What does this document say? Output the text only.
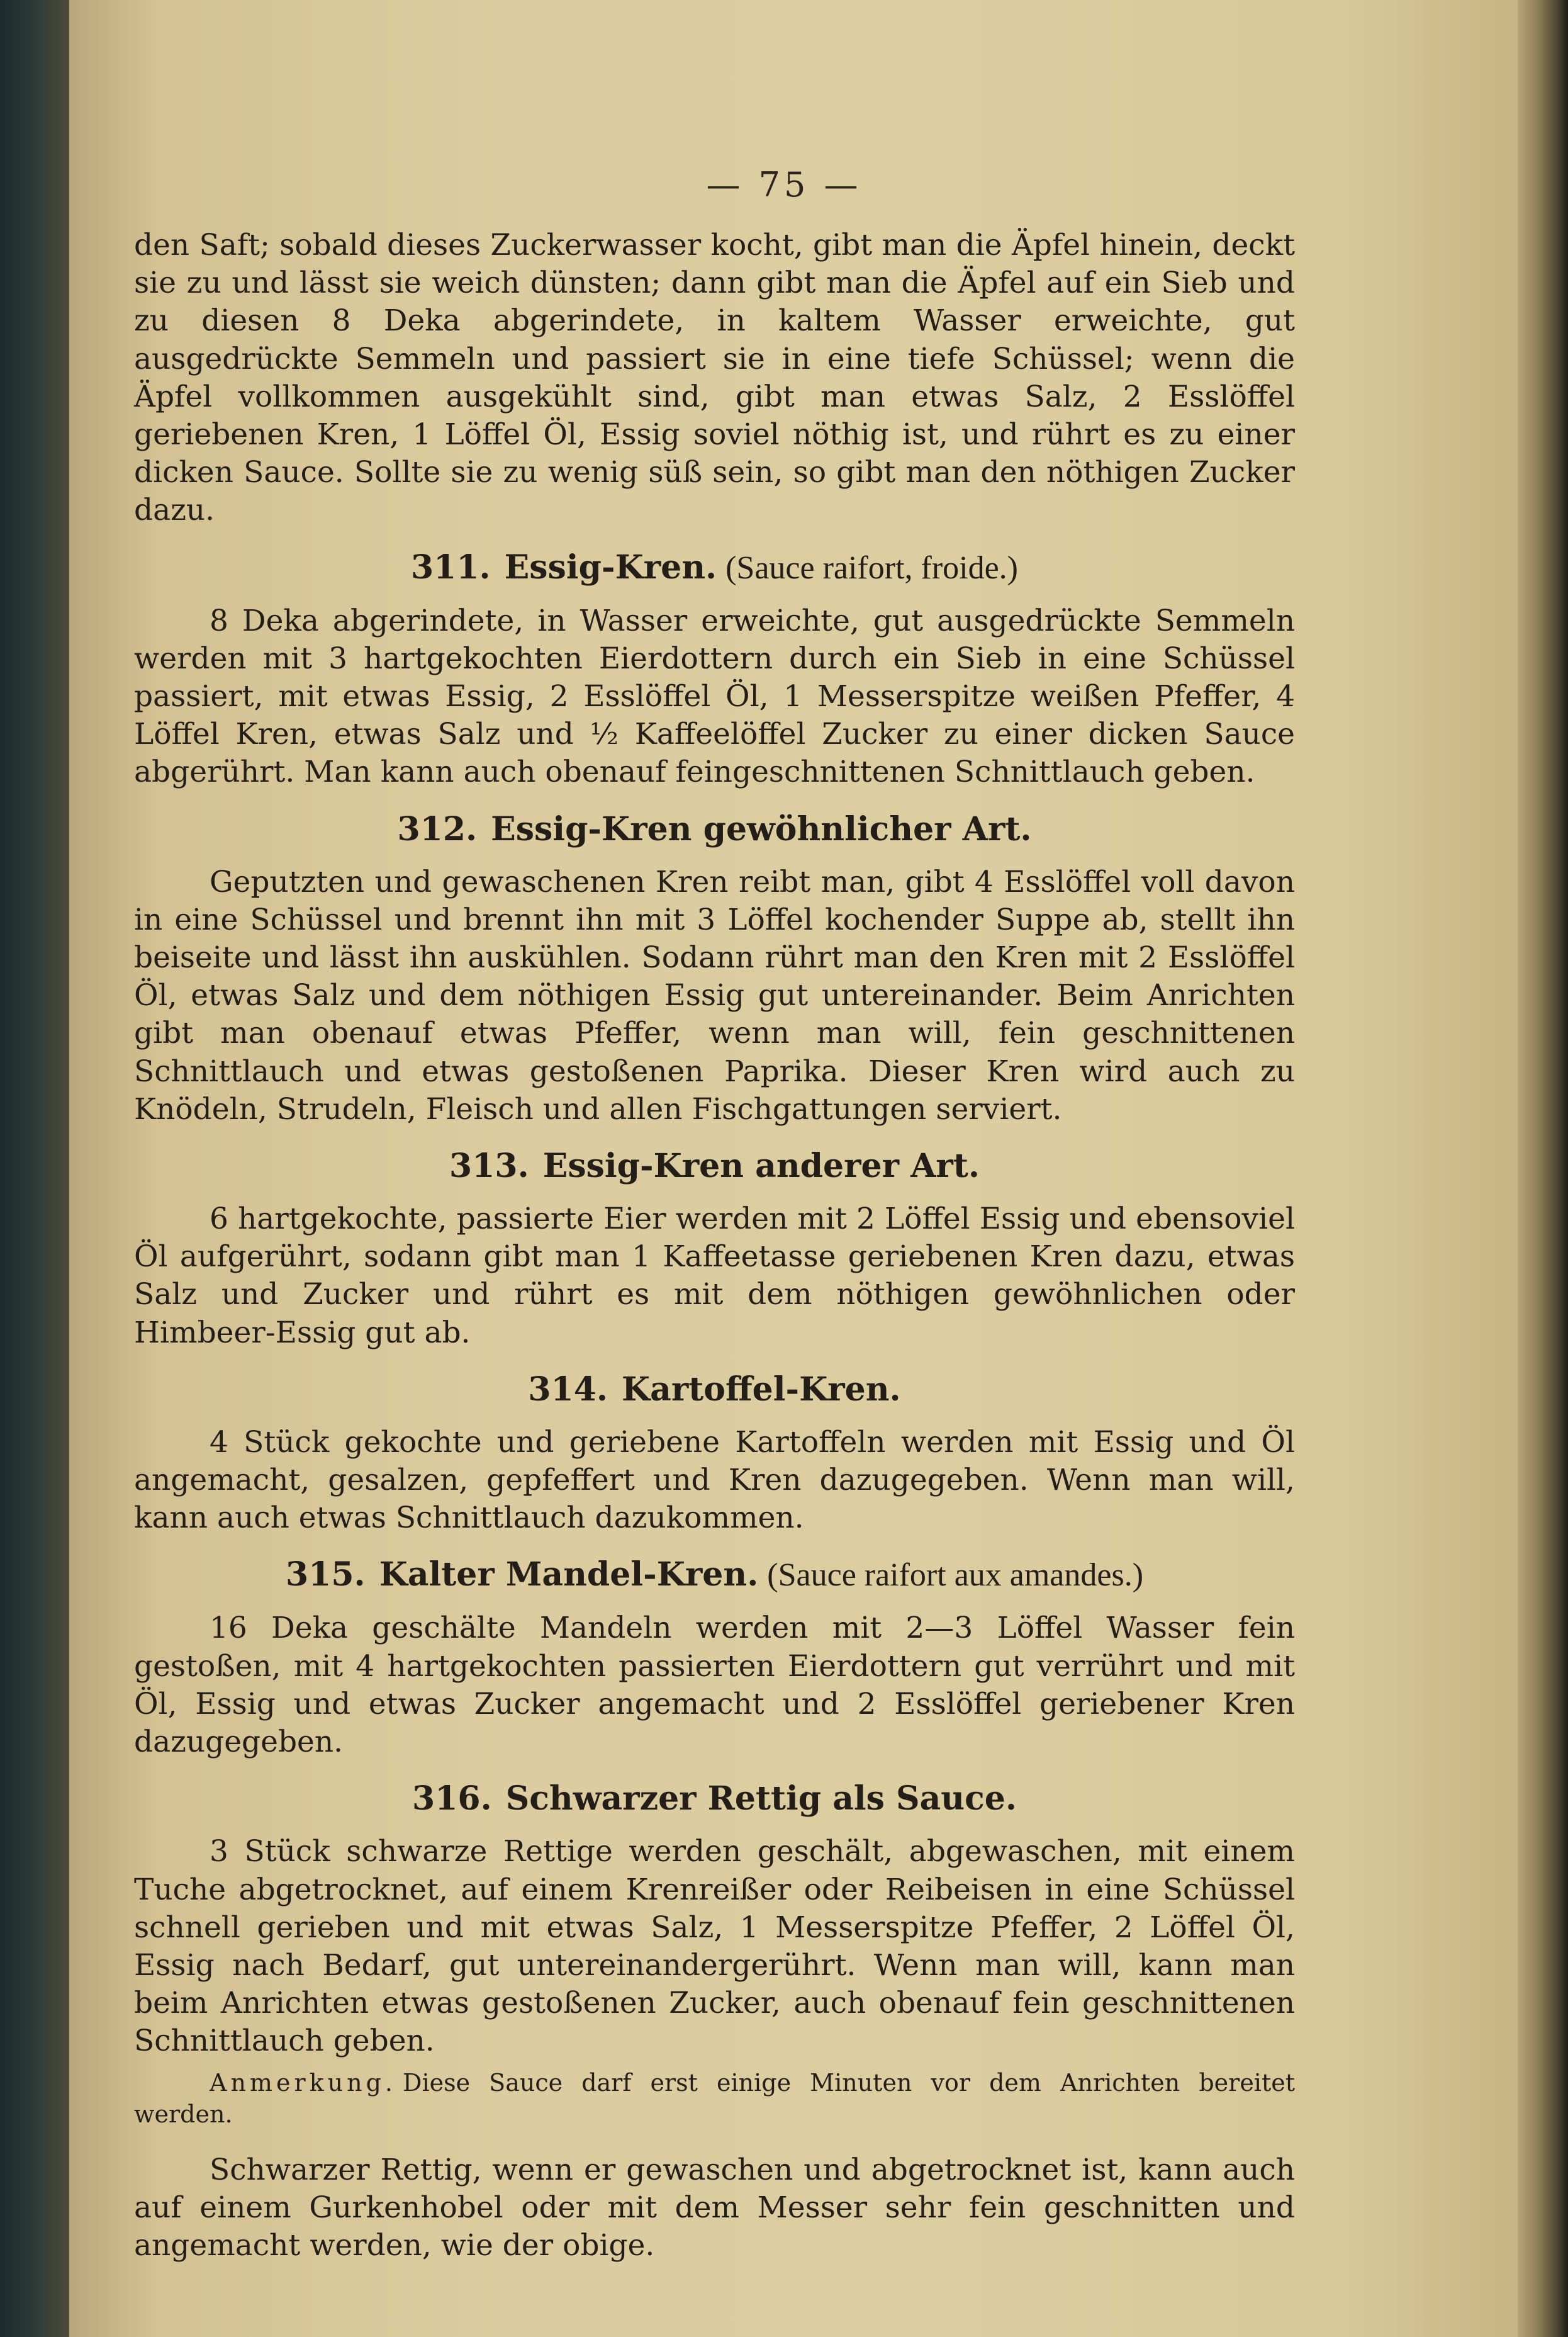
— 75 —

den Saft; sobald dieses Zuckerwasser kocht, gibt man die Äpfel hinein, deckt sie zu und lässt sie weich dünsten; dann gibt man die Äpfel auf ein Sieb und zu diesen 8 Deka abgerindete, in kaltem Wasser erweichte, gut ausgedrückte Semmeln und passiert sie in eine tiefe Schüssel; wenn die Äpfel vollkommen ausgekühlt sind, gibt man etwas Salz, 2 Esslöffel geriebenen Kren, 1 Löffel Öl, Essig soviel nöthig ist, und rührt es zu einer dicken Sauce. Sollte sie zu wenig süß sein, so gibt man den nöthigen Zucker dazu.

311. Essig-Kren. (Sauce raifort, froide.)

8 Deka abgerindete, in Wasser erweichte, gut ausgedrückte Semmeln werden mit 3 hartgekochten Eierdottern durch ein Sieb in eine Schüssel passiert, mit etwas Essig, 2 Esslöffel Öl, 1 Messerspitze weißen Pfeffer, 4 Löffel Kren, etwas Salz und ½ Kaffeelöffel Zucker zu einer dicken Sauce abgerührt. Man kann auch obenauf feingeschnittenen Schnittlauch geben.

312. Essig-Kren gewöhnlicher Art.

Geputzten und gewaschenen Kren reibt man, gibt 4 Esslöffel voll davon in eine Schüssel und brennt ihn mit 3 Löffel kochender Suppe ab, stellt ihn beiseite und lässt ihn auskühlen. Sodann rührt man den Kren mit 2 Esslöffel Öl, etwas Salz und dem nöthigen Essig gut untereinander. Beim Anrichten gibt man obenauf etwas Pfeffer, wenn man will, fein geschnittenen Schnittlauch und etwas gestoßenen Paprika. Dieser Kren wird auch zu Knödeln, Strudeln, Fleisch und allen Fischgattungen serviert.

313. Essig-Kren anderer Art.

6 hartgekochte, passierte Eier werden mit 2 Löffel Essig und ebensoviel Öl aufgerührt, sodann gibt man 1 Kaffeetasse geriebenen Kren dazu, etwas Salz und Zucker und rührt es mit dem nöthigen gewöhnlichen oder Himbeer-Essig gut ab.

314. Kartoffel-Kren.

4 Stück gekochte und geriebene Kartoffeln werden mit Essig und Öl angemacht, gesalzen, gepfeffert und Kren dazugegeben. Wenn man will, kann auch etwas Schnittlauch dazukommen.

315. Kalter Mandel-Kren. (Sauce raifort aux amandes.)

16 Deka geschälte Mandeln werden mit 2—3 Löffel Wasser fein gestoßen, mit 4 hartgekochten passierten Eierdottern gut verrührt und mit Öl, Essig und etwas Zucker angemacht und 2 Esslöffel geriebener Kren dazugegeben.

316. Schwarzer Rettig als Sauce.

3 Stück schwarze Rettige werden geschält, abgewaschen, mit einem Tuche abgetrocknet, auf einem Krenreißer oder Reibeisen in eine Schüssel schnell gerieben und mit etwas Salz, 1 Messerspitze Pfeffer, 2 Löffel Öl, Essig nach Bedarf, gut untereinandergerührt. Wenn man will, kann man beim Anrichten etwas gestoßenen Zucker, auch obenauf fein geschnittenen Schnittlauch geben.

Anmerkung. Diese Sauce darf erst einige Minuten vor dem Anrichten bereitet werden.

Schwarzer Rettig, wenn er gewaschen und abgetrocknet ist, kann auch auf einem Gurkenhobel oder mit dem Messer sehr fein geschnitten und angemacht werden, wie der obige.
